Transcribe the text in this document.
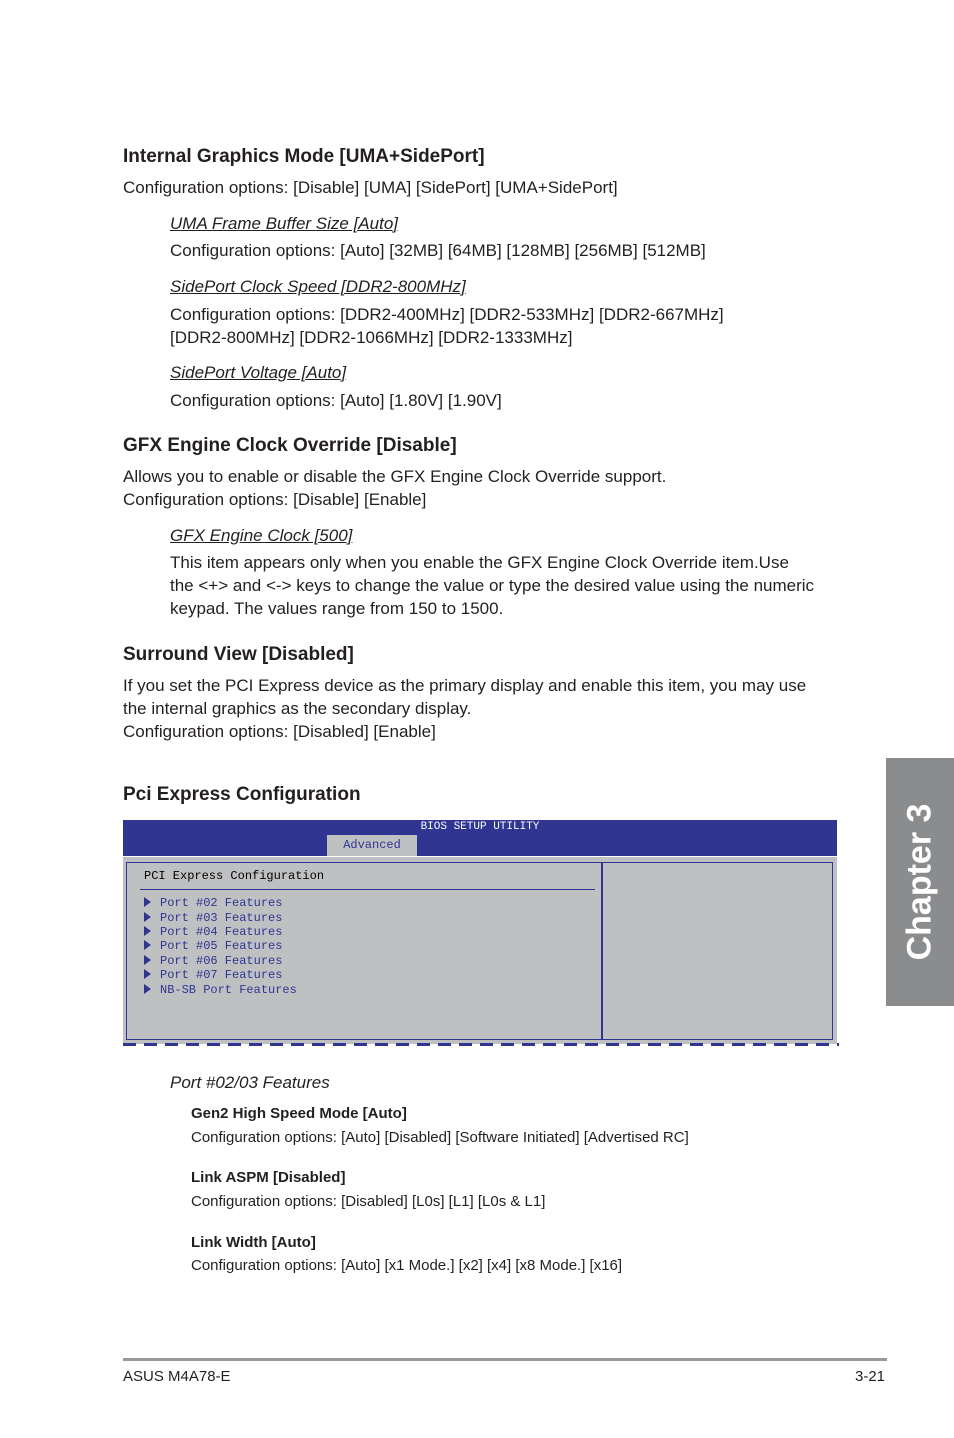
Internal Graphics Mode [UMA+SidePort]
Configuration options: [Disable] [UMA] [SidePort] [UMA+SidePort]
UMA Frame Buffer Size [Auto]
Configuration options: [Auto] [32MB] [64MB] [128MB] [256MB] [512MB]
SidePort Clock Speed [DDR2-800MHz]
Configuration options: [DDR2-400MHz] [DDR2-533MHz] [DDR2-667MHz]
[DDR2-800MHz] [DDR2-1066MHz] [DDR2-1333MHz]
SidePort Voltage [Auto]
Configuration options: [Auto] [1.80V] [1.90V]
GFX Engine Clock Override [Disable]
Allows you to enable or disable the GFX Engine Clock Override support.
Configuration options: [Disable] [Enable]
GFX Engine Clock [500]
This item appears only when you enable the GFX Engine Clock Override item.Use
the <+> and <-> keys to change the value or type the desired value using the numeric
keypad. The values range from 150 to 1500.
Surround View [Disabled]
If you set the PCI Express device as the primary display and enable this item, you may use
the internal graphics as the secondary display.
Configuration options: [Disabled] [Enable]
Pci Express Configuration
BIOS SETUP UTILITY
Advanced
PCI Express Configuration
Port #02 Features
Port #03 Features
Port #04 Features
Port #05 Features
Port #06 Features
Port #07 Features
NB-SB Port Features
Port #02/03 Features
Gen2 High Speed Mode [Auto]
Configuration options: [Auto] [Disabled] [Software Initiated] [Advertised RC]
Link ASPM [Disabled]
Configuration options: [Disabled] [L0s] [L1] [L0s & L1]
Link Width [Auto]
Configuration options: [Auto] [x1 Mode.] [x2] [x4] [x8 Mode.] [x16]
Chapter 3
ASUS M4A78-E	3-21
